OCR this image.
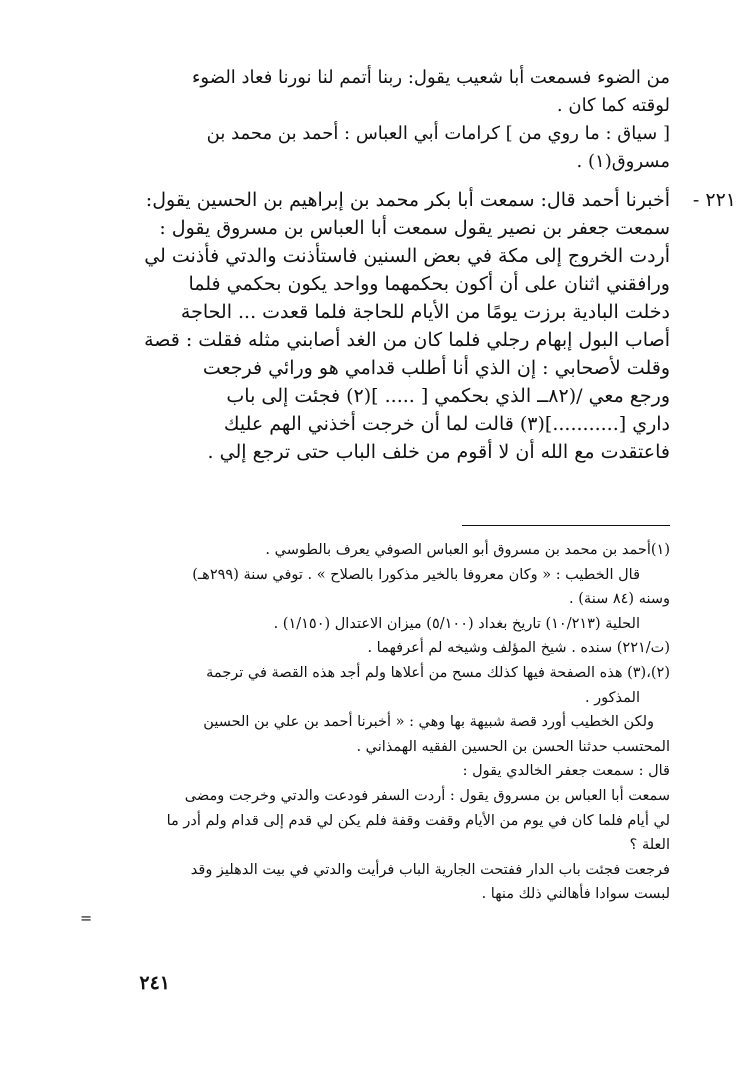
من الضوء فسمعت أبا شعيب يقول: ربنا أتمم لنا نورنا فعاد الضوء
لوقته كما كان .
[ سياق : ما روي من ] كرامات أبي العباس : أحمد بن محمد بن
مسروق(١) .
٢٢١ -
أخبرنا أحمد قال: سمعت أبا بكر محمد بن إبراهيم بن الحسين يقول:
سمعت جعفر بن نصير يقول سمعت أبا العباس بن مسروق يقول :
أردت الخروج إلى مكة في بعض السنين فاستأذنت والدتي فأذنت لي
ورافقني اثنان على أن أكون بحكمهما وواحد يكون بحكمي فلما
دخلت البادية برزت يومًا من الأيام للحاجة فلما قعدت ... الحاجة
أصاب البول إبهام رجلي فلما كان من الغد أصابني مثله فقلت : قصة
وقلت لأصحابي : إن الذي أنا أطلب قدامي هو ورائي فرجعت
ورجع معي /(٨٢ــ الذي بحكمي [ ..... ](٢) فجئت إلى باب
داري [...........](٣) قالت لما أن خرجت أخذني الهم عليك
فاعتقدت مع الله أن لا أقوم من خلف الباب حتى ترجع إلي .
(١)أحمد بن محمد بن مسروق أبو العباس الصوفي يعرف بالطوسي .
قال الخطيب : « وكان معروفا بالخير مذكورا بالصلاح » . توفي سنة (٢٩٩هـ)
وسنه (٨٤ سنة) .
الحلية (١٠/٢١٣) تاريخ بغداد (٥/١٠٠) ميزان الاعتدال (١/١٥٠) .
(ت/٢٢١) سنده . شيخ المؤلف وشيخه لم أعرفهما .
(٢)،(٣) هذه الصفحة فيها كذلك مسح من أعلاها ولم أجد هذه القصة في ترجمة
المذكور .
ولكن الخطيب أورد قصة شبيهة بها وهي : « أخبرنا أحمد بن علي بن الحسين
المحتسب حدثنا الحسن بن الحسين الفقيه الهمذاني .
قال : سمعت جعفر الخالدي يقول :
سمعت أبا العباس بن مسروق يقول : أردت السفر فودعت والدتي وخرجت ومضى
لي أيام فلما كان في يوم من الأيام وقفت وقفة فلم يكن لي قدم إلى قدام ولم أدر ما
العلة ؟
فرجعت فجئت باب الدار ففتحت الجارية الباب فرأيت والدتي في بيت الدهليز وقد
لبست سوادا فأهالني ذلك منها .
=
٢٤١
